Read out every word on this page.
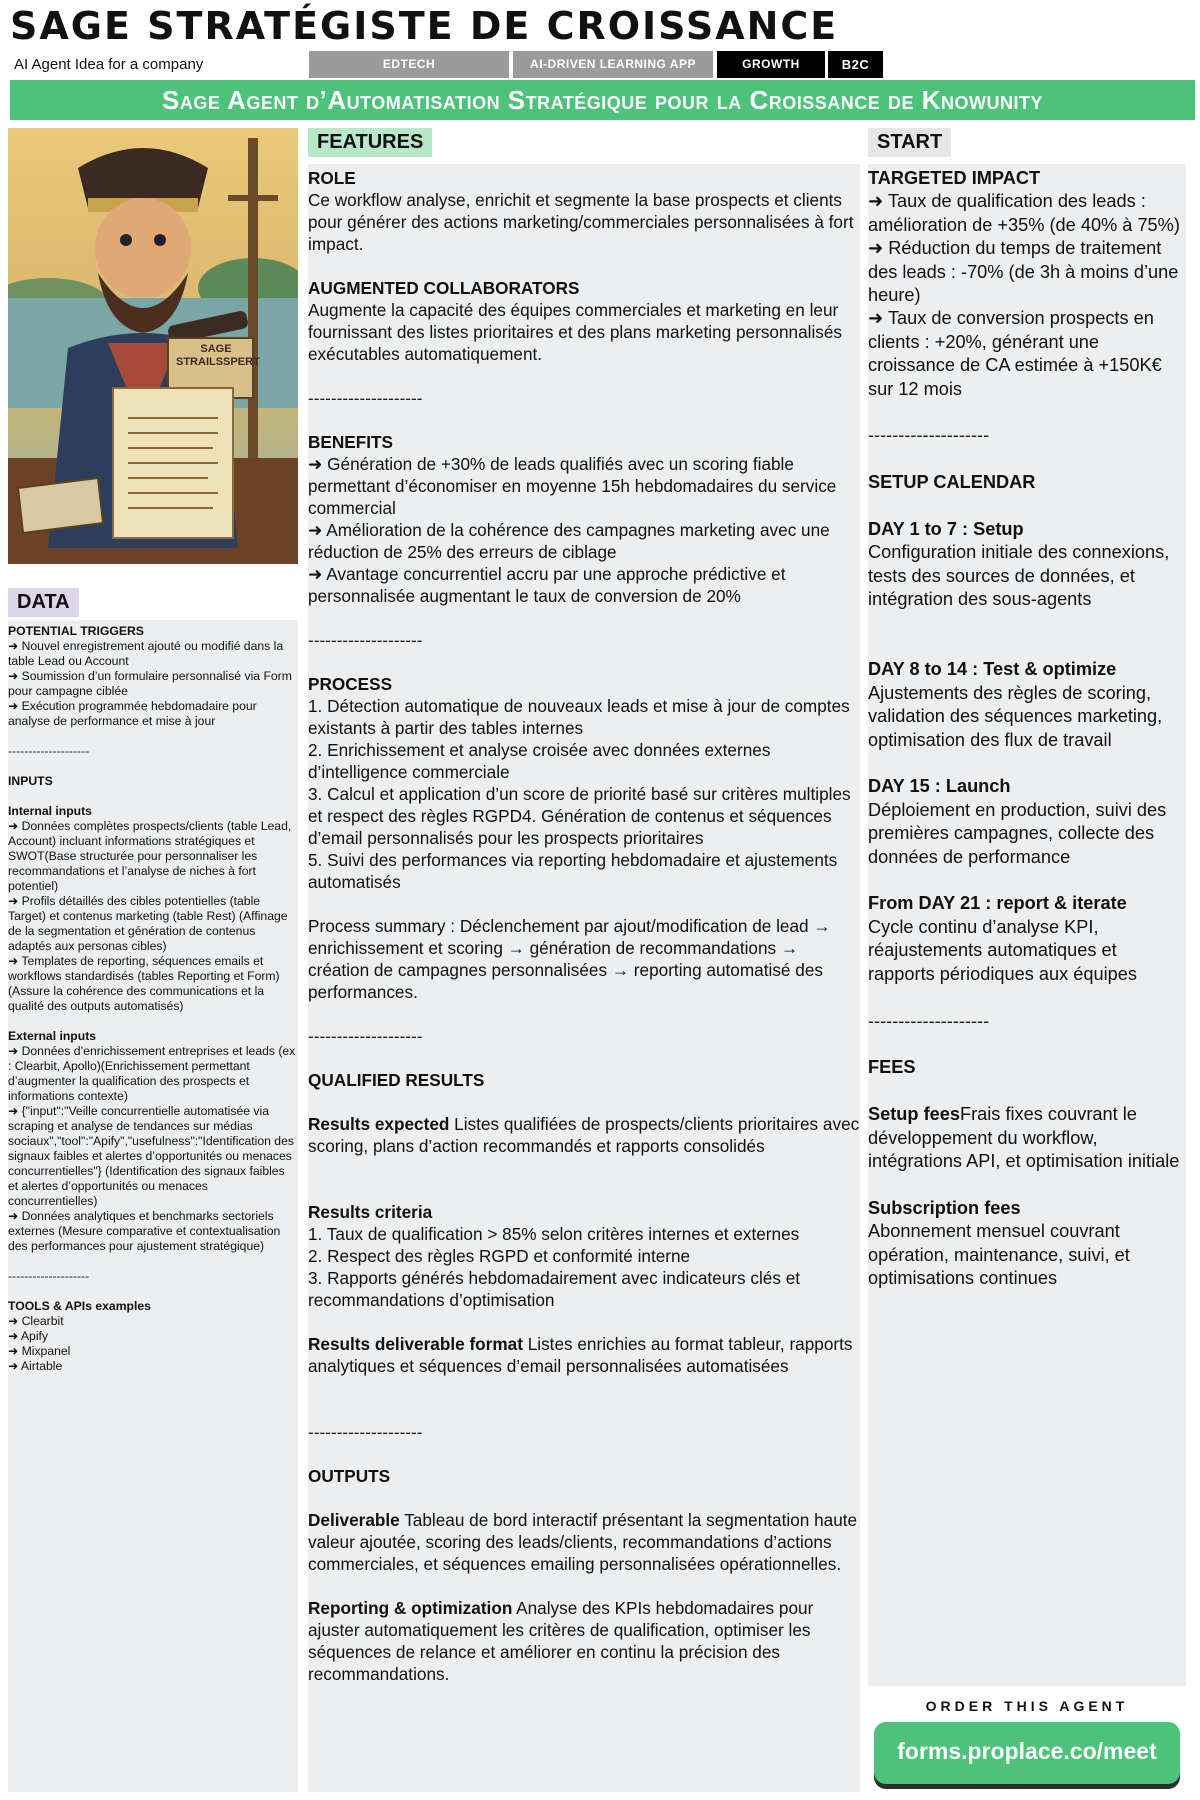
SAGE STRATÉGISTE DE CROISSANCE
AI Agent Idea for a company	EDTECH	AI-DRIVEN LEARNING APP	GROWTH	B2C
Sage Agent d’Automatisation Stratégique pour la Croissance de Knowunity
SAGE STRAILSSPERT
DATA
POTENTIAL TRIGGERS
➜ Nouvel enregistrement ajouté ou modifié dans la table Lead ou Account
➜ Soumission d’un formulaire personnalisé via Form pour campagne ciblée
➜ Exécution programmée hebdomadaire pour analyse de performance et mise à jour
--------------------
INPUTS
Internal inputs
➜ Données complètes prospects/clients (table Lead, Account) incluant informations stratégiques et SWOT(Base structurée pour personnaliser les recommandations et l’analyse de niches à fort potentiel)
➜ Profils détaillés des cibles potentielles (table Target) et contenus marketing (table Rest) (Affinage de la segmentation et génération de contenus adaptés aux personas cibles)
➜ Templates de reporting, séquences emails et workflows standardisés (tables Reporting et Form) (Assure la cohérence des communications et la qualité des outputs automatisés)
External inputs
➜ Données d’enrichissement entreprises et leads (ex : Clearbit, Apollo)(Enrichissement permettant d’augmenter la qualification des prospects et informations contexte)
➜ {"input":"Veille concurrentielle automatisée via scraping et analyse de tendances sur médias sociaux","tool":"Apify","usefulness":"Identification des signaux faibles et alertes d’opportunités ou menaces concurrentielles"} (Identification des signaux faibles et alertes d’opportunités ou menaces concurrentielles)
➜ Données analytiques et benchmarks sectoriels externes (Mesure comparative et contextualisation des performances pour ajustement stratégique)
--------------------
TOOLS & APIs examples
➜ Clearbit
➜ Apify
➜ Mixpanel
➜ Airtable
FEATURES
ROLE
Ce workflow analyse, enrichit et segmente la base prospects et clients pour générer des actions marketing/commerciales personnalisées à fort impact.
AUGMENTED COLLABORATORS
Augmente la capacité des équipes commerciales et marketing en leur fournissant des listes prioritaires et des plans marketing personnalisés exécutables automatiquement.
--------------------
BENEFITS
➜ Génération de +30% de leads qualifiés avec un scoring fiable permettant d’économiser en moyenne 15h hebdomadaires du service commercial
➜ Amélioration de la cohérence des campagnes marketing avec une réduction de 25% des erreurs de ciblage
➜ Avantage concurrentiel accru par une approche prédictive et personnalisée augmentant le taux de conversion de 20%
--------------------
PROCESS
1. Détection automatique de nouveaux leads et mise à jour de comptes existants à partir des tables internes
2. Enrichissement et analyse croisée avec données externes d’intelligence commerciale
3. Calcul et application d’un score de priorité basé sur critères multiples et respect des règles RGPD4. Génération de contenus et séquences d’email personnalisés pour les prospects prioritaires
5. Suivi des performances via reporting hebdomadaire et ajustements automatisés
Process summary : Déclenchement par ajout/modification de lead → enrichissement et scoring → génération de recommandations → création de campagnes personnalisées → reporting automatisé des performances.
--------------------
QUALIFIED RESULTS
Results expected Listes qualifiées de prospects/clients prioritaires avec scoring, plans d’action recommandés et rapports consolidés
Results criteria
1. Taux de qualification > 85% selon critères internes et externes
2. Respect des règles RGPD et conformité interne
3. Rapports générés hebdomadairement avec indicateurs clés et recommandations d’optimisation
Results deliverable format Listes enrichies au format tableur, rapports analytiques et séquences d’email personnalisées automatisées
--------------------
OUTPUTS
Deliverable Tableau de bord interactif présentant la segmentation haute valeur ajoutée, scoring des leads/clients, recommandations d’actions commerciales, et séquences emailing personnalisées opérationnelles.
Reporting & optimization Analyse des KPIs hebdomadaires pour ajuster automatiquement les critères de qualification, optimiser les séquences de relance et améliorer en continu la précision des recommandations.
START
TARGETED IMPACT
➜ Taux de qualification des leads : amélioration de +35% (de 40% à 75%)
➜ Réduction du temps de traitement des leads : -70% (de 3h à moins d’une heure)
➜ Taux de conversion prospects en clients : +20%, générant une croissance de CA estimée à +150K€ sur 12 mois
--------------------
SETUP CALENDAR
DAY 1 to 7 : Setup
Configuration initiale des connexions, tests des sources de données, et intégration des sous-agents
DAY 8 to 14 : Test & optimize
Ajustements des règles de scoring, validation des séquences marketing, optimisation des flux de travail
DAY 15 : Launch
Déploiement en production, suivi des premières campagnes, collecte des données de performance
From DAY 21 : report & iterate
Cycle continu d’analyse KPI, réajustements automatiques et rapports périodiques aux équipes
--------------------
FEES
Setup feesFrais fixes couvrant le développement du workflow, intégrations API, et optimisation initiale
Subscription fees
Abonnement mensuel couvrant opération, maintenance, suivi, et optimisations continues
ORDER THIS AGENT
forms.proplace.co/meet
